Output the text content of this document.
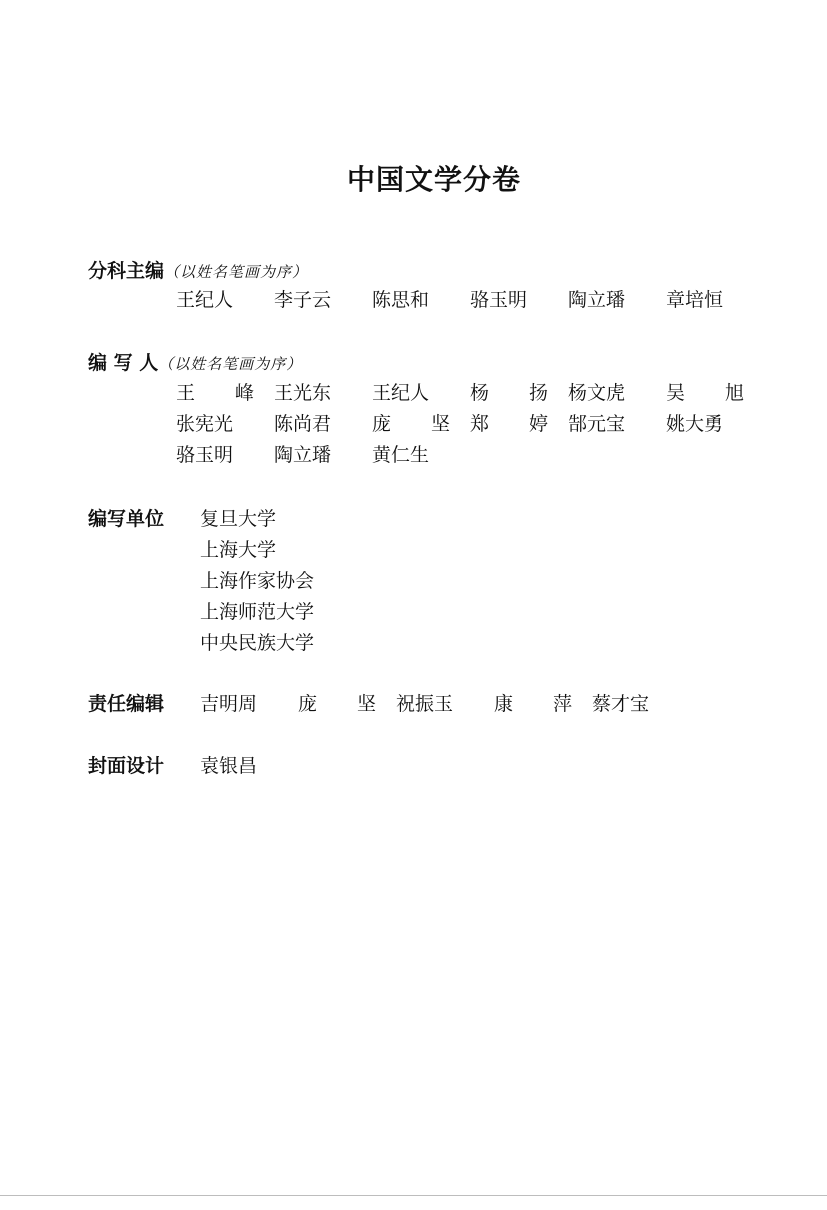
中国文学分卷
分科主编（以姓名笔画为序）
王纪人 李子云 陈思和 骆玉明 陶立璠 章培恒
编 写 人（以姓名笔画为序）
王 峰 王光东 王纪人 杨 扬 杨文虎 吴 旭
张宪光 陈尚君 庞 坚 郑 婷 郜元宝 姚大勇
骆玉明 陶立璠 黄仁生
编写单位 复旦大学
上海大学
上海作家协会
上海师范大学
中央民族大学
责任编辑 吉明周 庞 坚 祝振玉 康 萍 蔡才宝
封面设计 袁银昌
